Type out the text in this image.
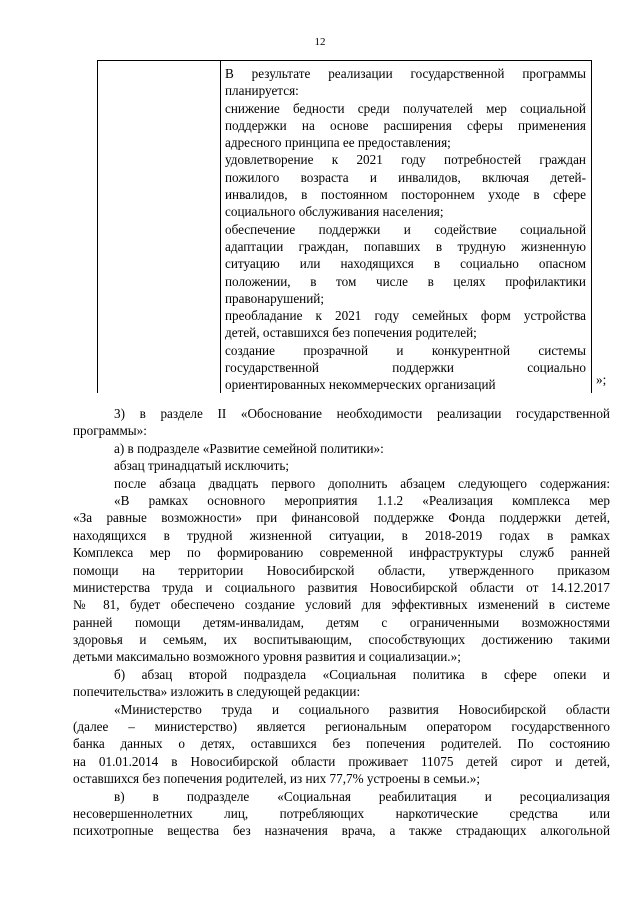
12
В результате реализации государственной программы
планируется:
снижение бедности среди получателей мер социальной
поддержки на основе расширения сферы применения
адресного принципа ее предоставления;
удовлетворение к 2021 году потребностей граждан
пожилого возраста и инвалидов, включая детей-
инвалидов, в постоянном постороннем уходе в сфере
социального обслуживания населения;
обеспечение поддержки и содействие социальной
адаптации граждан, попавших в трудную жизненную
ситуацию или находящихся в социально опасном
положении, в том числе в целях профилактики
правонарушений;
преобладание к 2021 году семейных форм устройства
детей, оставшихся без попечения родителей;
создание прозрачной и конкурентной системы
государственной поддержки социально
ориентированных некоммерческих организаций	»;
3) в разделе II «Обоснование необходимости реализации государственной
программы»:
а) в подразделе «Развитие семейной политики»:
абзац тринадцатый исключить;
после абзаца двадцать первого дополнить абзацем следующего содержания:
«В рамках основного мероприятия 1.1.2 «Реализация комплекса мер
«За равные возможности» при финансовой поддержке Фонда поддержки детей,
находящихся в трудной жизненной ситуации, в 2018-2019 годах в рамках
Комплекса мер по формированию современной инфраструктуры служб ранней
помощи на территории Новосибирской области, утвержденного приказом
министерства труда и социального развития Новосибирской области от 14.12.2017
№ 81, будет обеспечено создание условий для эффективных изменений в системе
ранней помощи детям-инвалидам, детям с ограниченными возможностями
здоровья и семьям, их воспитывающим, способствующих достижению такими
детьми максимально возможного уровня развития и социализации.»;
б) абзац второй подраздела «Социальная политика в сфере опеки и
попечительства» изложить в следующей редакции:
«Министерство труда и социального развития Новосибирской области
(далее – министерство) является региональным оператором государственного
банка данных о детях, оставшихся без попечения родителей. По состоянию
на 01.01.2014 в Новосибирской области проживает 11075 детей сирот и детей,
оставшихся без попечения родителей, из них 77,7% устроены в семьи.»;
в) в подразделе «Социальная реабилитация и ресоциализация
несовершеннолетних лиц, потребляющих наркотические средства или
психотропные вещества без назначения врача, а также страдающих алкогольной
